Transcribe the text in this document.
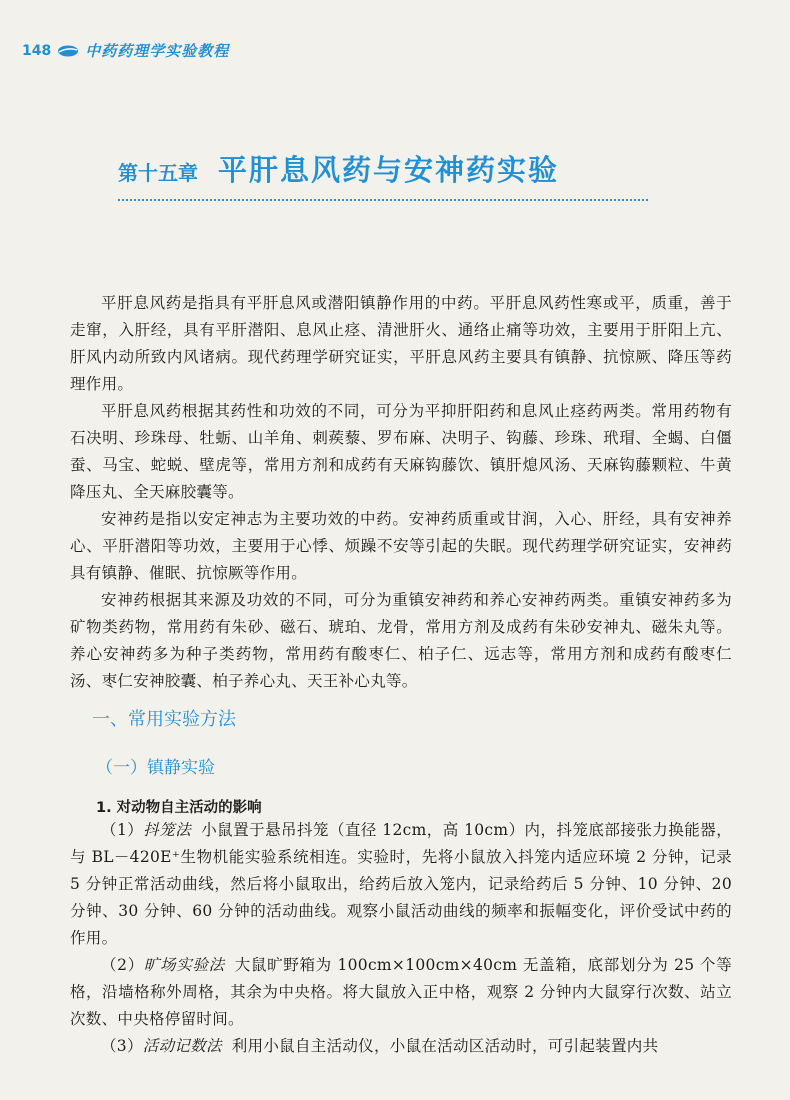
148 中药药理学实验教程
第十五章 平肝息风药与安神药实验

平肝息风药是指具有平肝息风或潜阳镇静作用的中药。平肝息风药性寒或平，质重，善于走窜，入肝经，具有平肝潜阳、息风止痉、清泄肝火、通络止痛等功效，主要用于肝阳上亢、肝风内动所致内风诸病。现代药理学研究证实，平肝息风药主要具有镇静、抗惊厥、降压等药理作用。

平肝息风药根据其药性和功效的不同，可分为平抑肝阳药和息风止痉药两类。常用药物有石决明、珍珠母、牡蛎、山羊角、刺蒺藜、罗布麻、决明子、钩藤、珍珠、玳瑁、全蝎、白僵蚕、马宝、蛇蜕、壁虎等，常用方剂和成药有天麻钩藤饮、镇肝熄风汤、天麻钩藤颗粒、牛黄降压丸、全天麻胶囊等。

安神药是指以安定神志为主要功效的中药。安神药质重或甘润，入心、肝经，具有安神养心、平肝潜阳等功效，主要用于心悸、烦躁不安等引起的失眠。现代药理学研究证实，安神药具有镇静、催眠、抗惊厥等作用。

安神药根据其来源及功效的不同，可分为重镇安神药和养心安神药两类。重镇安神药多为矿物类药物，常用药有朱砂、磁石、琥珀、龙骨，常用方剂及成药有朱砂安神丸、磁朱丸等。养心安神药多为种子类药物，常用药有酸枣仁、柏子仁、远志等，常用方剂和成药有酸枣仁汤、枣仁安神胶囊、柏子养心丸、天王补心丸等。

一、常用实验方法
（一）镇静实验
1. 对动物自主活动的影响

（1）抖笼法 小鼠置于悬吊抖笼（直径 12cm，高 10cm）内，抖笼底部接张力换能器，与 BL－420E⁺生物机能实验系统相连。实验时，先将小鼠放入抖笼内适应环境 2 分钟，记录 5 分钟正常活动曲线，然后将小鼠取出，给药后放入笼内，记录给药后 5 分钟、10 分钟、20 分钟、30 分钟、60 分钟的活动曲线。观察小鼠活动曲线的频率和振幅变化，评价受试中药的作用。

（2）旷场实验法 大鼠旷野箱为 100cm×100cm×40cm 无盖箱，底部划分为 25 个等格，沿墙格称外周格，其余为中央格。将大鼠放入正中格，观察 2 分钟内大鼠穿行次数、站立次数、中央格停留时间。

（3）活动记数法 利用小鼠自主活动仪，小鼠在活动区活动时，可引起装置内共
